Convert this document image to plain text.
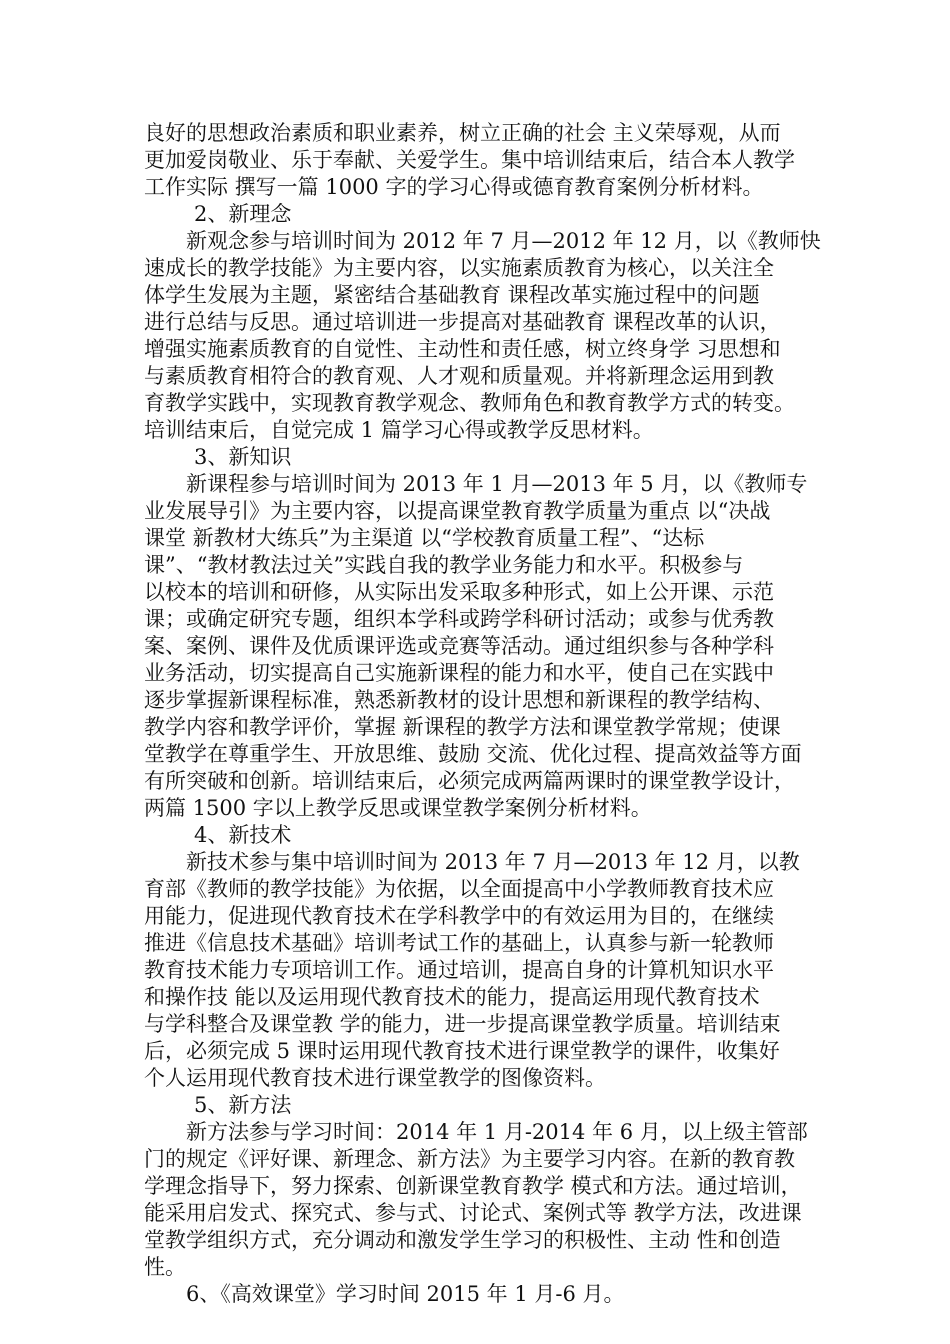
良好的思想政治素质和职业素养，树立正确的社会 主义荣辱观，从而
更加爱岗敬业、乐于奉献、关爱学生。集中培训结束后，结合本人教学
工作实际 撰写一篇 1000 字的学习心得或德育教育案例分析材料。
2、新理念
新观念参与培训时间为 2012 年 7 月—2012 年 12 月，以《教师快
速成长的教学技能》为主要内容，以实施素质教育为核心，以关注全
体学生发展为主题，紧密结合基础教育 课程改革实施过程中的问题
进行总结与反思。通过培训进一步提高对基础教育 课程改革的认识，
增强实施素质教育的自觉性、主动性和责任感，树立终身学 习思想和
与素质教育相符合的教育观、人才观和质量观。并将新理念运用到教
育教学实践中，实现教育教学观念、教师角色和教育教学方式的转变。
培训结束后，自觉完成 1 篇学习心得或教学反思材料。
3、新知识
新课程参与培训时间为 2013 年 1 月—2013 年 5 月，以《教师专
业发展导引》为主要内容，以提高课堂教育教学质量为重点 以“决战
课堂 新教材大练兵”为主渠道 以“学校教育质量工程”、“达标
课”、“教材教法过关”实践自我的教学业务能力和水平。积极参与
以校本的培训和研修，从实际出发采取多种形式，如上公开课、示范
课；或确定研究专题，组织本学科或跨学科研讨活动；或参与优秀教
案、案例、课件及优质课评选或竞赛等活动。通过组织参与各种学科
业务活动，切实提高自己实施新课程的能力和水平，使自己在实践中
逐步掌握新课程标准，熟悉新教材的设计思想和新课程的教学结构、
教学内容和教学评价，掌握 新课程的教学方法和课堂教学常规；使课
堂教学在尊重学生、开放思维、鼓励 交流、优化过程、提高效益等方面
有所突破和创新。培训结束后，必须完成两篇两课时的课堂教学设计，
两篇 1500 字以上教学反思或课堂教学案例分析材料。
4、新技术
新技术参与集中培训时间为 2013 年 7 月—2013 年 12 月，以教
育部《教师的教学技能》为依据，以全面提高中小学教师教育技术应
用能力，促进现代教育技术在学科教学中的有效运用为目的，在继续
推进《信息技术基础》培训考试工作的基础上，认真参与新一轮教师
教育技术能力专项培训工作。通过培训，提高自身的计算机知识水平
和操作技 能以及运用现代教育技术的能力，提高运用现代教育技术
与学科整合及课堂教 学的能力，进一步提高课堂教学质量。培训结束
后，必须完成 5 课时运用现代教育技术进行课堂教学的课件，收集好
个人运用现代教育技术进行课堂教学的图像资料。
5、新方法
新方法参与学习时间：2014 年 1 月-2014 年 6 月，以上级主管部
门的规定《评好课、新理念、新方法》为主要学习内容。在新的教育教
学理念指导下，努力探索、创新课堂教育教学 模式和方法。通过培训，
能采用启发式、探究式、参与式、讨论式、案例式等 教学方法，改进课
堂教学组织方式，充分调动和激发学生学习的积极性、主动 性和创造
性。
6、《高效课堂》学习时间 2015 年 1 月-6 月。
